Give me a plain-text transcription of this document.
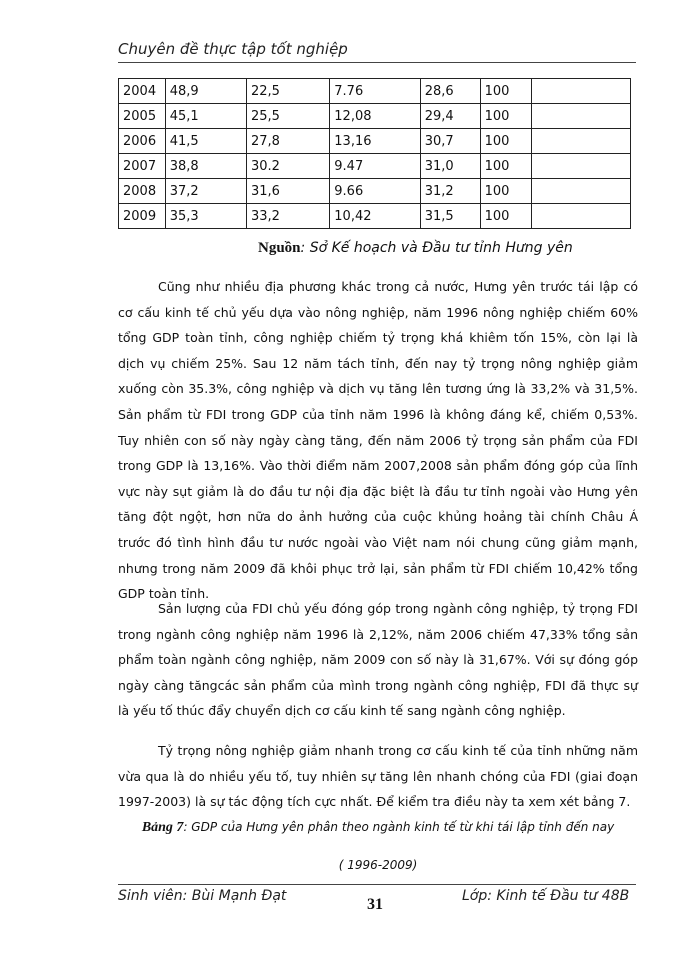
Chuyên đề thực tập tốt nghiệp
2004	48,9	22,5	7.76	28,6	100	
2005	45,1	25,5	12,08	29,4	100	
2006	41,5	27,8	13,16	30,7	100	
2007	38,8	30.2	9.47	31,0	100	
2008	37,2	31,6	9.66	31,2	100	
2009	35,3	33,2	10,42	31,5	100	
Nguồn: Sở Kế hoạch và Đầu tư tỉnh Hưng yên

Cũng như nhiều địa phương khác trong cả nước, Hưng yên trước tái lập có cơ cấu kinh tế chủ yếu dựa vào nông nghiệp, năm 1996 nông nghiệp chiếm 60% tổng GDP toàn tỉnh, công nghiệp chiếm tỷ trọng khá khiêm tốn 15%, còn lại là dịch vụ chiếm 25%. Sau 12 năm tách tỉnh, đến nay tỷ trọng nông nghiệp giảm xuống còn 35.3%, công nghiệp và dịch vụ tăng lên tương ứng là 33,2% và 31,5%. Sản phẩm từ FDI trong GDP của tỉnh năm 1996 là không đáng kể, chiếm 0,53%. Tuy nhiên con số này ngày càng tăng, đến năm 2006 tỷ trọng sản phẩm của FDI trong GDP là 13,16%. Vào thời điểm năm 2007,2008 sản phẩm đóng góp của lĩnh vực này sụt giảm là do đầu tư nội địa đặc biệt là đầu tư tỉnh ngoài vào Hưng yên tăng đột ngột, hơn nữa do ảnh hưởng của cuộc khủng hoảng tài chính Châu Á trước đó tình hình đầu tư nước ngoài vào Việt nam nói chung cũng giảm mạnh, nhưng trong năm 2009 đã khôi phục trở lại, sản phẩm từ FDI chiếm 10,42% tổng GDP toàn tỉnh.

Sản lượng của FDI chủ yếu đóng góp trong ngành công nghiệp, tỷ trọng FDI trong ngành công nghiệp năm 1996 là 2,12%, năm 2006 chiếm 47,33% tổng sản phẩm toàn ngành công nghiệp, năm 2009 con số này là 31,67%. Với sự đóng góp ngày càng tăngcác sản phẩm của mình trong ngành công nghiệp, FDI đã thực sự là yếu tố thúc đẩy chuyển dịch cơ cấu kinh tế sang ngành công nghiệp.

Tỷ trọng nông nghiệp giảm nhanh trong cơ cấu kinh tế của tỉnh những năm vừa qua là do nhiều yếu tố, tuy nhiên sự tăng lên nhanh chóng của FDI (giai đoạn 1997-2003) là sự tác động tích cực nhất. Để kiểm tra điều này ta xem xét bảng 7.

Bảng 7: GDP của Hưng yên phân theo ngành kinh tế từ khi tái lập tỉnh đến nay

( 1996-2009)

Sinh viên: Bùi Mạnh Đạt	31	Lớp: Kinh tế Đầu tư 48B
